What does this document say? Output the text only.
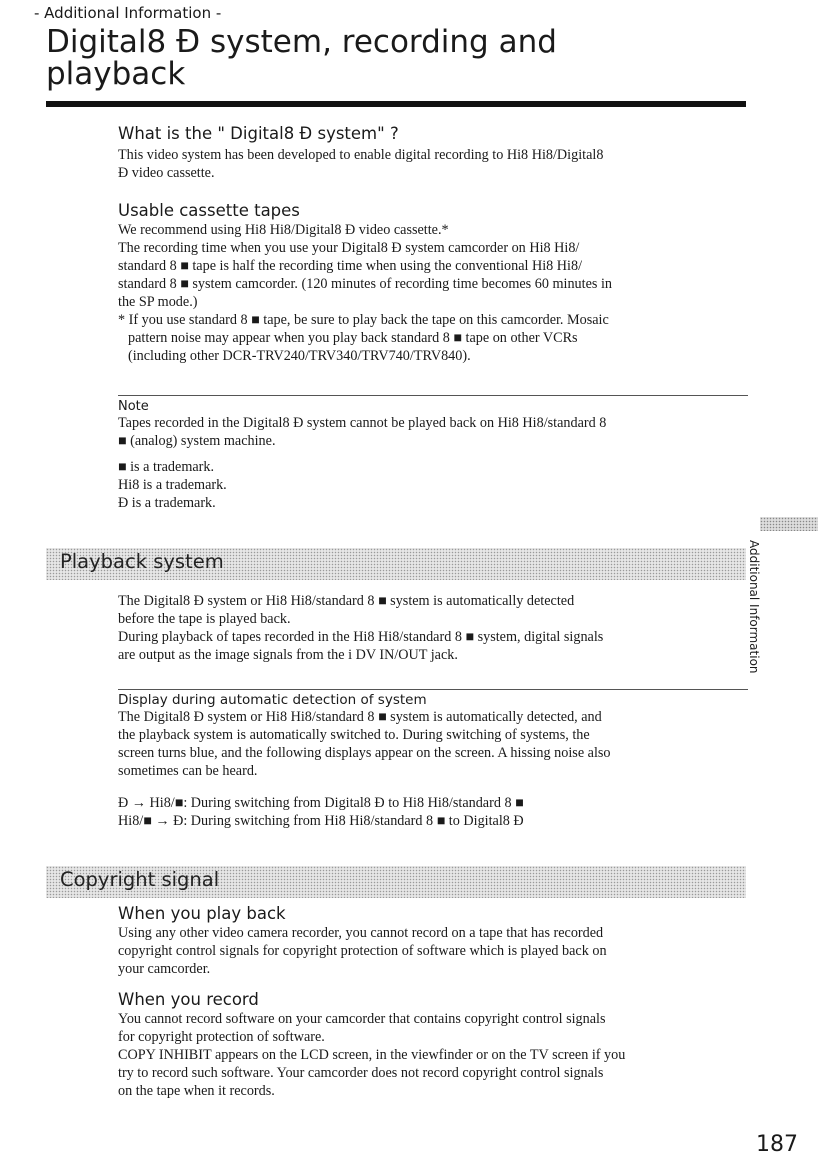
- Additional Information -
Digital8 Ð system, recording and
playback
What is the " Digital8 Ð system" ?

This video system has been developed to enable digital recording to Hi8 Hi8/Digital8

Ð video cassette.

Usable cassette tapes

We recommend using Hi8 Hi8/Digital8 Ð video cassette.*

The recording time when you use your Digital8 Ð system camcorder on Hi8 Hi8/

standard 8 ■ tape is half the recording time when using the conventional Hi8 Hi8/

standard 8 ■ system camcorder. (120 minutes of recording time becomes 60 minutes in

the SP mode.)

* If you use standard 8 ■ tape, be sure to play back the tape on this camcorder. Mosaic

pattern noise may appear when you play back standard 8 ■ tape on other VCRs

(including other DCR-TRV240/TRV340/TRV740/TRV840).

Note

Tapes recorded in the Digital8 Ð system cannot be played back on Hi8 Hi8/standard 8

■ (analog) system machine.

■ is a trademark.

Hi8 is a trademark.

Ð is a trademark.

Playback system

The Digital8 Ð system or Hi8 Hi8/standard 8 ■ system is automatically detected

before the tape is played back.

During playback of tapes recorded in the Hi8 Hi8/standard 8 ■ system, digital signals

are output as the image signals from the i DV IN/OUT jack.

Display during automatic detection of system

The Digital8 Ð system or Hi8 Hi8/standard 8 ■ system is automatically detected, and

the playback system is automatically switched to. During switching of systems, the

screen turns blue, and the following displays appear on the screen. A hissing noise also

sometimes can be heard.

Ð → Hi8/■: During switching from Digital8 Ð to Hi8 Hi8/standard 8 ■

Hi8/■ → Ð: During switching from Hi8 Hi8/standard 8 ■ to Digital8 Ð

Copyright signal
When you play back

Using any other video camera recorder, you cannot record on a tape that has recorded

copyright control signals for copyright protection of software which is played back on

your camcorder.

When you record

You cannot record software on your camcorder that contains copyright control signals

for copyright protection of software.

COPY INHIBIT appears on the LCD screen, in the viewfinder or on the TV screen if you

try to record such software. Your camcorder does not record copyright control signals

on the tape when it records.

Additional Information
187
